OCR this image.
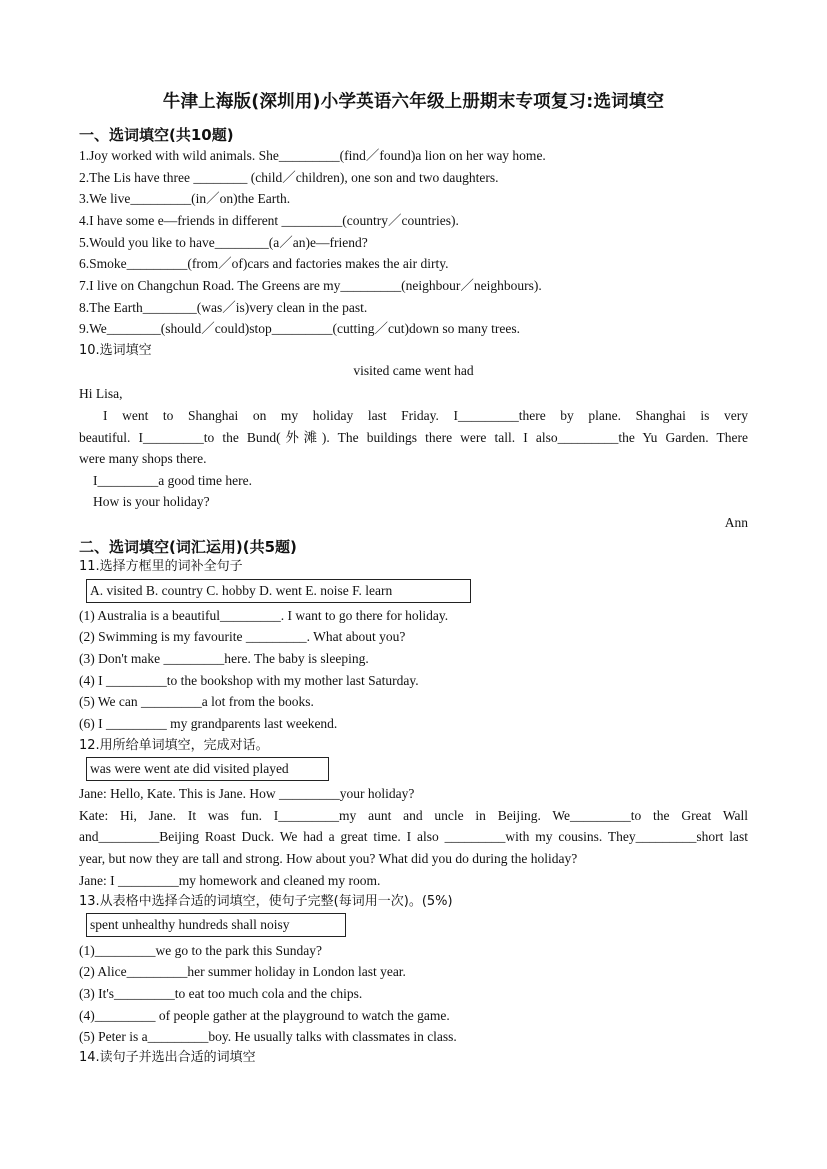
牛津上海版(深圳用)小学英语六年级上册期末专项复习:选词填空
一、选词填空(共10题)
1.Joy worked with wild animals. She_________(find／found)a lion on her way home.
2.The Lis have three ________ (child／children), one son and two daughters.
3.We live_________(in／on)the Earth.
4.I have some e—friends in different _________(country／countries).
5.Would you like to have________(a／an)e—friend?
6.Smoke_________(from／of)cars and factories makes the air dirty.
7.I live on Changchun Road. The Greens are my_________(neighbour／neighbours).
8.The Earth________(was／is)very clean in the past.
9.We________(should／could)stop_________(cutting／cut)down so many trees.
10.选词填空
visited came went had
Hi Lisa,
I went to Shanghai on my holiday last Friday. I_________there by plane. Shanghai is very
beautiful. I_________to the Bund(外滩). The buildings there were tall. I also_________the Yu Garden. There
were many shops there.
I_________a good time here.
How is your holiday?
Ann
二、选词填空(词汇运用)(共5题)
11.选择方框里的词补全句子
A. visited B. country C. hobby D. went E. noise F. learn
(1) Australia is a beautiful_________. I want to go there for holiday.
(2) Swimming is my favourite _________. What about you?
(3) Don't make _________here. The baby is sleeping.
(4) I _________to the bookshop with my mother last Saturday.
(5) We can _________a lot from the books.
(6) I _________ my grandparents last weekend.
12.用所给单词填空，完成对话。
was were went ate did visited played
Jane: Hello, Kate. This is Jane. How _________your holiday?
Kate: Hi, Jane. It was fun. I_________my aunt and uncle in Beijing. We_________to the Great Wall
and_________Beijing Roast Duck. We had a great time. I also _________with my cousins. They_________short last
year, but now they are tall and strong. How about you? What did you do during the holiday?
Jane: I _________my homework and cleaned my room.
13.从表格中选择合适的词填空，使句子完整(每词用一次)。(5%)
spent unhealthy hundreds shall noisy
(1)_________we go to the park this Sunday?
(2) Alice_________her summer holiday in London last year.
(3) It's_________to eat too much cola and the chips.
(4)_________ of people gather at the playground to watch the game.
(5) Peter is a_________boy. He usually talks with classmates in class.
14.读句子并选出合适的词填空
